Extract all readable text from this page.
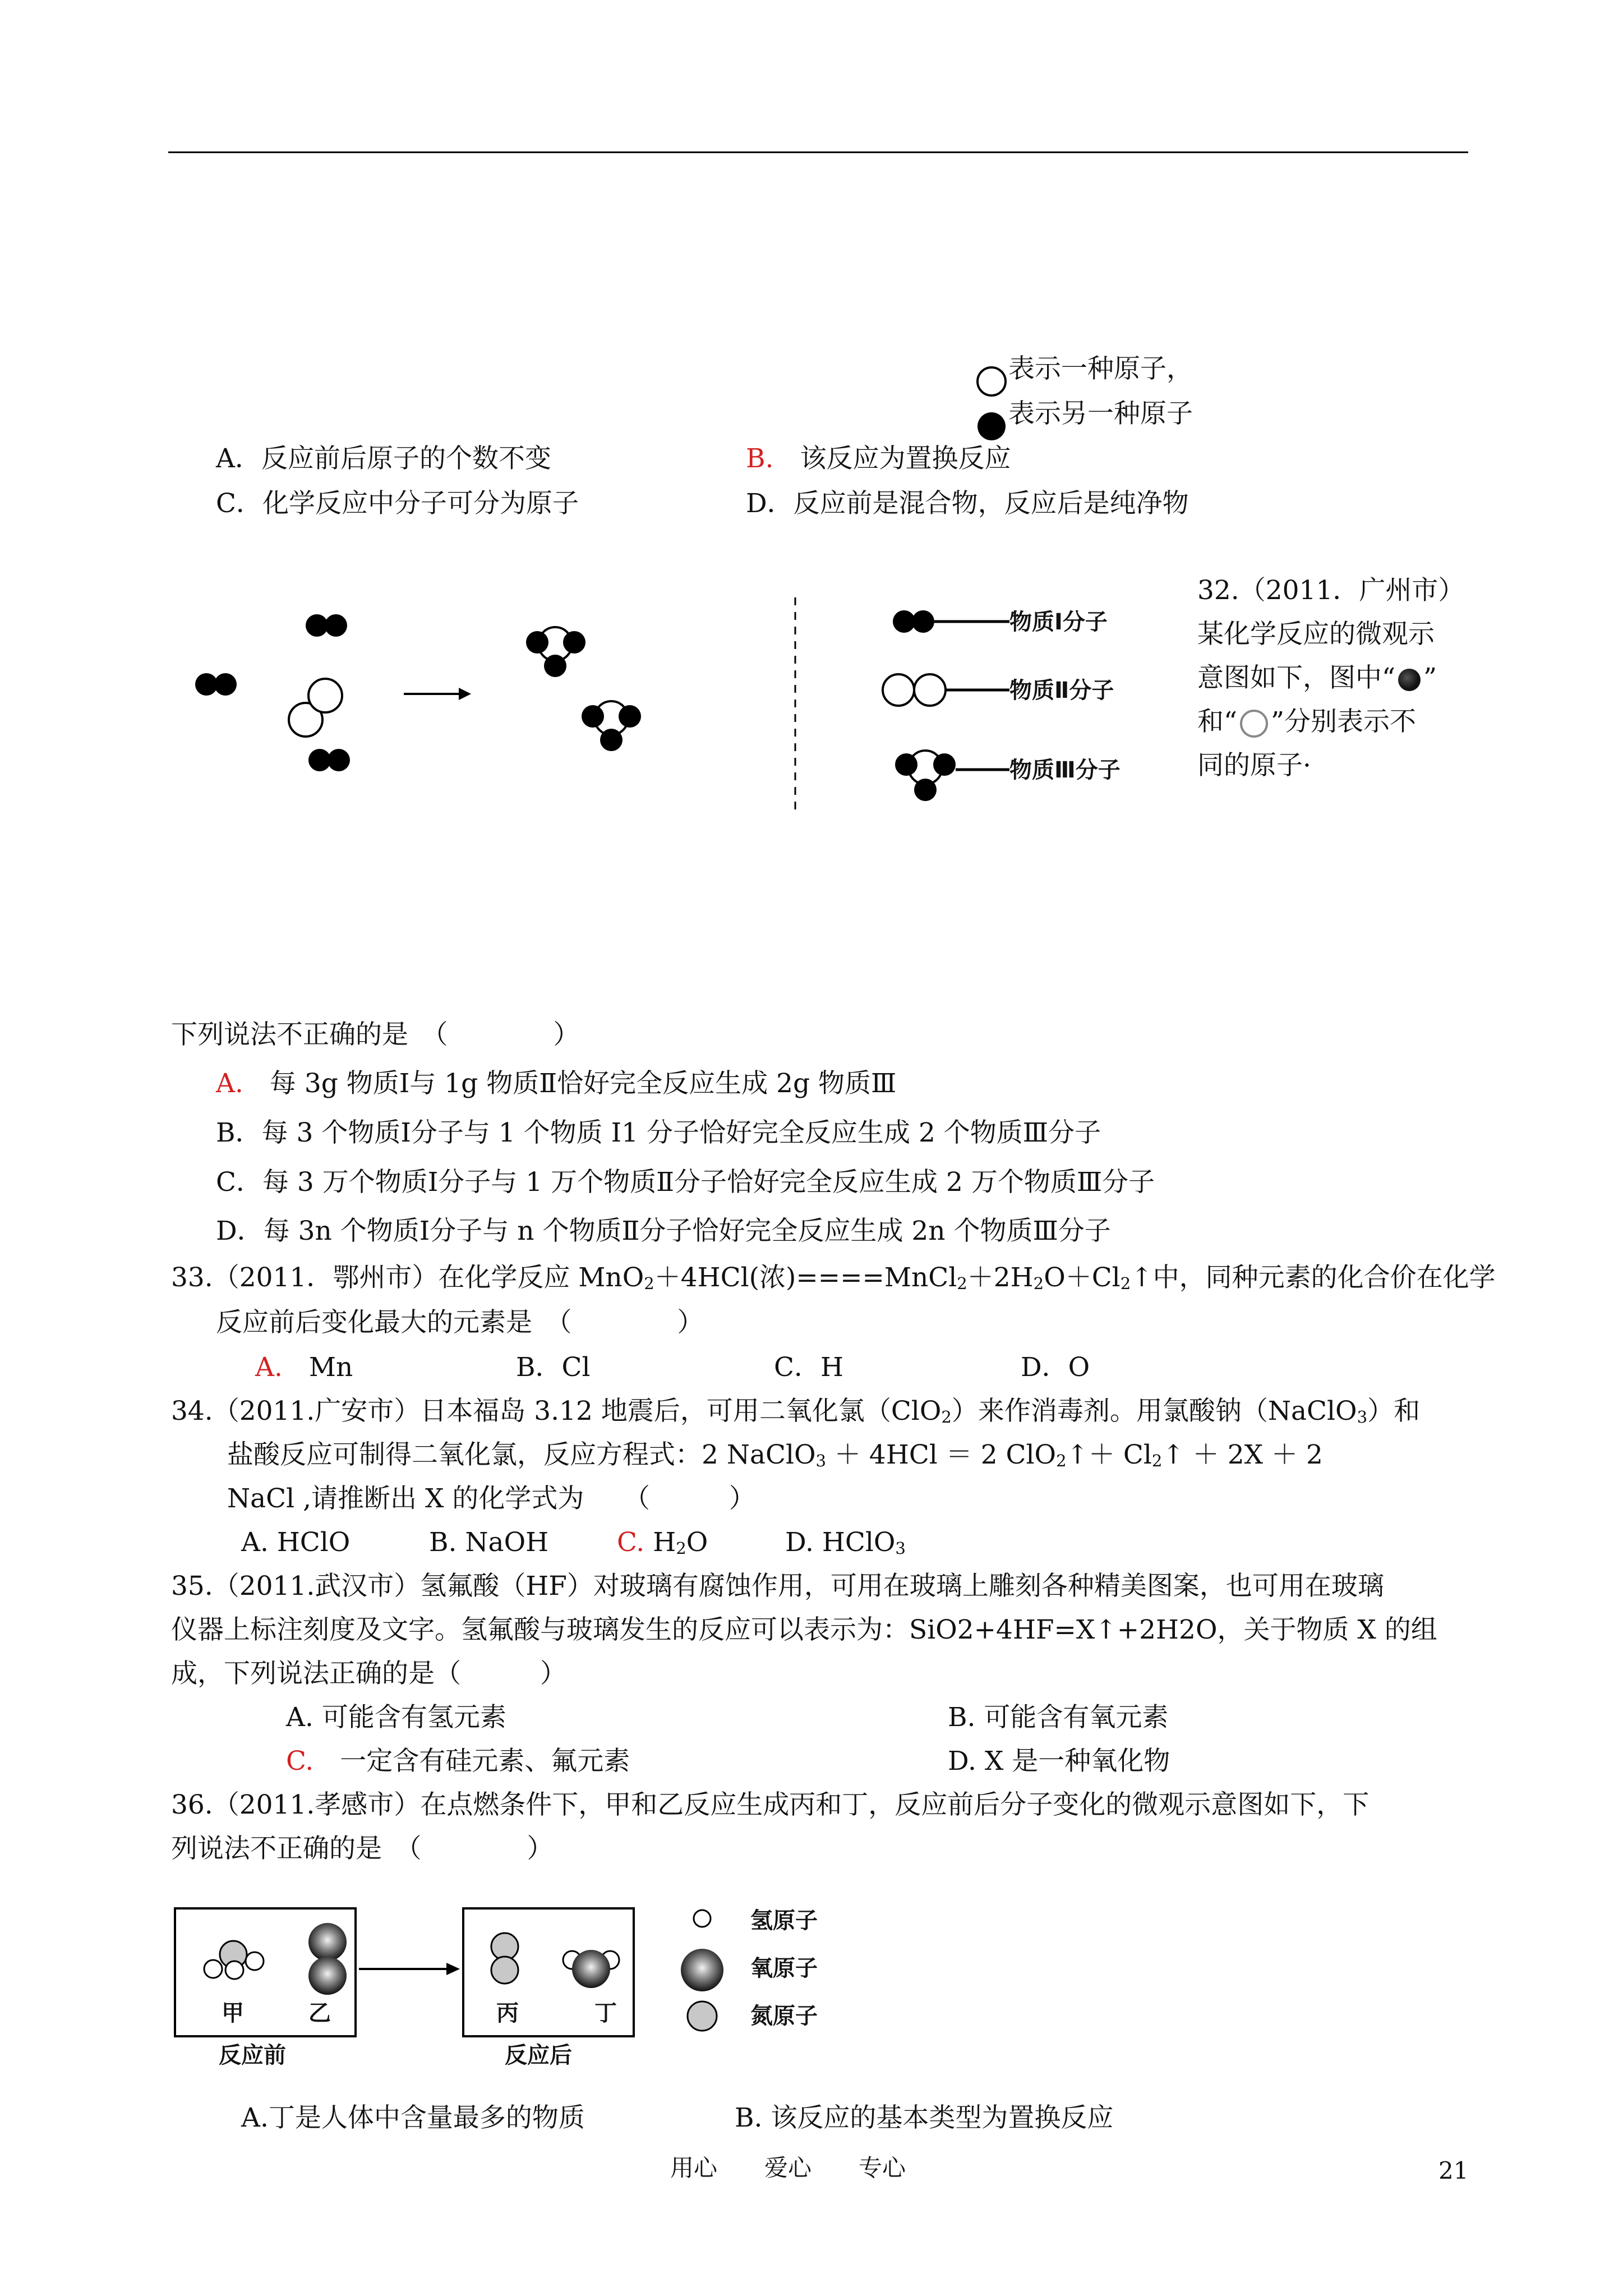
表示一种原子，
表示另一种原子
A．反应前后原子的个数不变	B.　 该反应为置换反应
C．化学反应中分子可分为原子	D．反应前是混合物，反应后是纯净物
物质Ⅰ分子
物质Ⅱ分子
物质Ⅲ分子
32.（2011．广州市）
某化学反应的微观示
意图如下，图中“ ”
和“ ”分别表示不
同的原子·
下列说法不正确的是　（　　　　）
A.　 每 3g 物质Ⅰ与 1g 物质Ⅱ恰好完全反应生成 2g 物质Ⅲ
B．每 3 个物质Ⅰ分子与 1 个物质 I1 分子恰好完全反应生成 2 个物质Ⅲ分子
C．每 3 万个物质Ⅰ分子与 1 万个物质Ⅱ分子恰好完全反应生成 2 万个物质Ⅲ分子
D．每 3n 个物质Ⅰ分子与 n 个物质Ⅱ分子恰好完全反应生成 2n 个物质Ⅲ分子
33.（2011．鄂州市）在化学反应 MnO2＋4HCl(浓)====MnCl2＋2H2O＋Cl2↑中，同种元素的化合价在化学
反应前后变化最大的元素是　（　　　　）
A.　 Mn	B．Cl	C．H	D．O
34.（2011.广安市）日本福岛 3.12 地震后，可用二氧化氯（ClO2）来作消毒剂。用氯酸钠（NaClO3）和
盐酸反应可制得二氧化氯，反应方程式：2 NaClO3 ＋ 4HCl ＝ 2 ClO2↑＋ Cl2↑ ＋ 2X ＋ 2
NaCl ,请推断出 X 的化学式为　　（　　　）
A. HClO	B. NaOH	C. H2O	D. HClO3
35.（2011.武汉市）氢氟酸（HF）对玻璃有腐蚀作用，可用在玻璃上雕刻各种精美图案，也可用在玻璃
仪器上标注刻度及文字。氢氟酸与玻璃发生的反应可以表示为：SiO2+4HF=X↑+2H2O，关于物质 X 的组
成，下列说法正确的是（　　　）
A. 可能含有氢元素	B. 可能含有氧元素
C.　 一定含有硅元素、氟元素	D. X 是一种氧化物
36.（2011.孝感市）在点燃条件下，甲和乙反应生成丙和丁，反应前后分子变化的微观示意图如下，下
列说法不正确的是　（　　　　）
甲	乙	丙	丁
反应前	反应后
氢原子
氧原子
氮原子
A.丁是人体中含量最多的物质	B. 该反应的基本类型为置换反应
用心　　爱心　　专心	21
